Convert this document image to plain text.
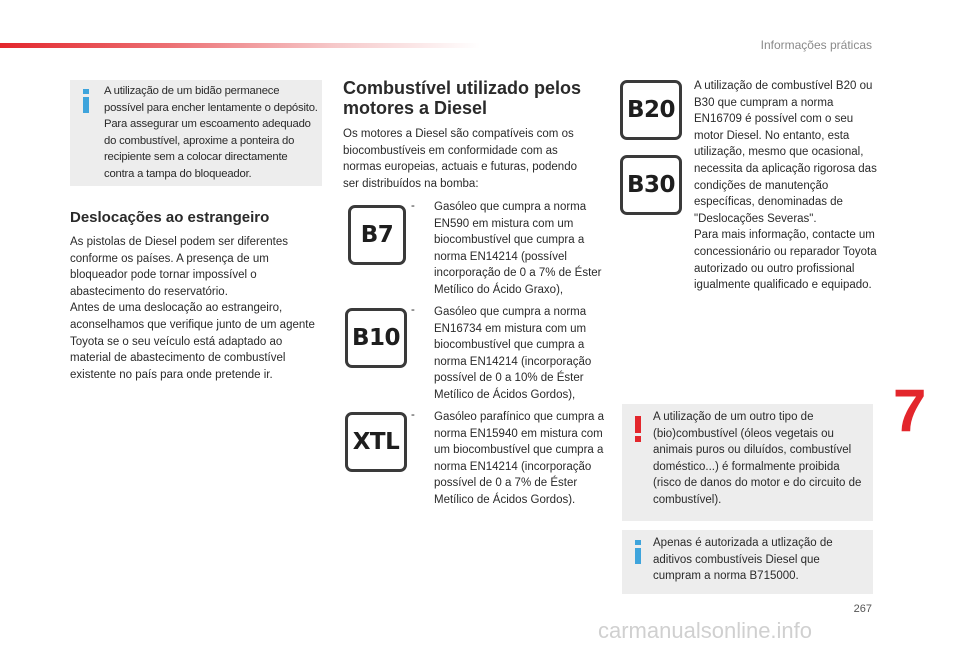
Informações práticas
A utilização de um bidão permanece possível para encher lentamente o depósito. Para assegurar um escoamento adequado do combustível, aproxime a ponteira do recipiente sem a colocar directamente contra a tampa do bloqueador.
Deslocações ao estrangeiro

As pistolas de Diesel podem ser diferentes conforme os países. A presença de um bloqueador pode tornar impossível o abastecimento do reservatório.
Antes de uma deslocação ao estrangeiro, aconselhamos que verifique junto de um agente Toyota se o seu veículo está adaptado ao material de abastecimento de combustível existente no país para onde pretende ir.

Combustível utilizado pelos motores a Diesel

Os motores a Diesel são compatíveis com os biocombustíveis em conformidade com as normas europeias, actuais e futuras, podendo ser distribuídos na bomba:

B7
- Gasóleo que cumpra a norma EN590 em mistura com um biocombustível que cumpra a norma EN14214 (possível incorporação de 0 a 7% de Éster Metílico do Ácido Graxo),
B10
- Gasóleo que cumpra a norma EN16734 em mistura com um biocombustível que cumpra a norma EN14214 (incorporação possível de 0 a 10% de Éster Metílico de Ácidos Gordos),
XTL
- Gasóleo parafínico que cumpra a norma EN15940 em mistura com um biocombustível que cumpra a norma EN14214 (incorporação possível de 0 a 7% de Éster Metílico de Ácidos Gordos).
B20
B30

A utilização de combustível B20 ou B30 que cumpram a norma EN16709 é possível com o seu motor Diesel. No entanto, esta utilização, mesmo que ocasional, necessita da aplicação rigorosa das condições de manutenção específicas, denominadas de "Deslocações Severas".
Para mais informação, contacte um concessionário ou reparador Toyota autorizado ou outro profissional igualmente qualificado e equipado.

A utilização de um outro tipo de (bio)combustível (óleos vegetais ou animais puros ou diluídos, combustível doméstico...) é formalmente proibida (risco de danos do motor e do circuito de combustível).
Apenas é autorizada a utlização de aditivos combustíveis Diesel que cumpram a norma B715000.
7
267
carmanualsonline.info
